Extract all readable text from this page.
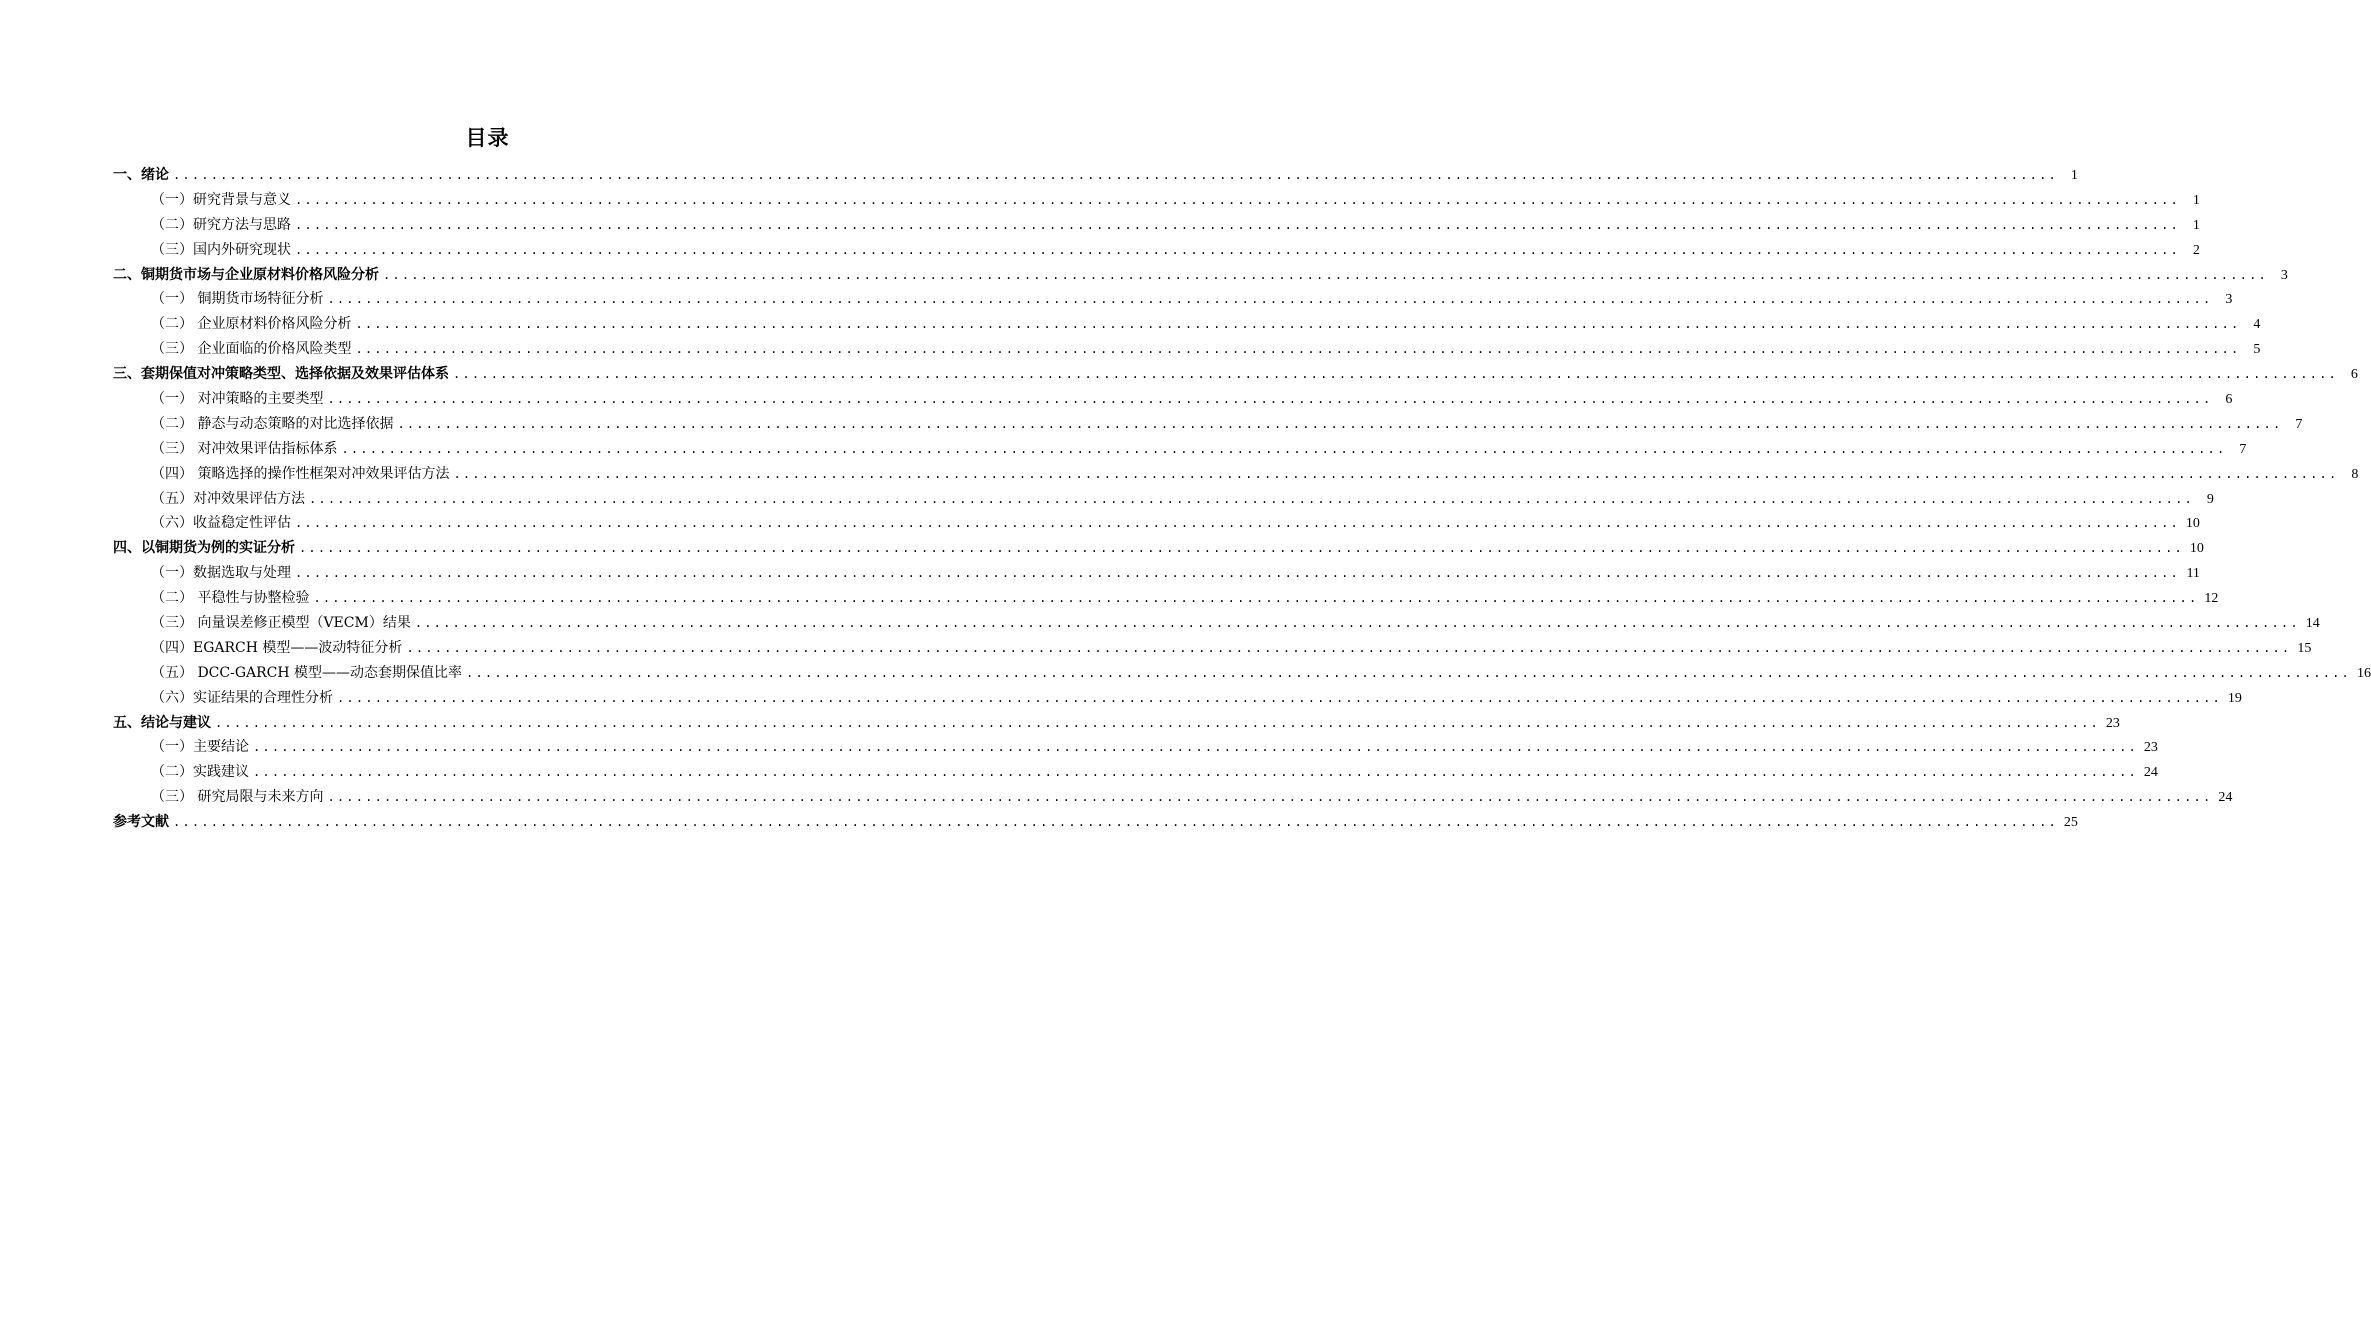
目录
一、绪论 ........................................................................................................................................................................................................ 1
（一）研究背景与意义 ........................................................................................................................................................................................................ 1
（二）研究方法与思路 ........................................................................................................................................................................................................ 1
（三）国内外研究现状 ........................................................................................................................................................................................................ 2
二、铜期货市场与企业原材料价格风险分析 ........................................................................................................................................................................................................ 3
（一） 铜期货市场特征分析 ........................................................................................................................................................................................................ 3
（二） 企业原材料价格风险分析 ........................................................................................................................................................................................................ 4
（三） 企业面临的价格风险类型 ........................................................................................................................................................................................................ 5
三、套期保值对冲策略类型、选择依据及效果评估体系 ........................................................................................................................................................................................................ 6
（一） 对冲策略的主要类型 ........................................................................................................................................................................................................ 6
（二） 静态与动态策略的对比选择依据 ........................................................................................................................................................................................................ 7
（三） 对冲效果评估指标体系 ........................................................................................................................................................................................................ 7
（四） 策略选择的操作性框架对冲效果评估方法 ........................................................................................................................................................................................................ 8
（五）对冲效果评估方法 ........................................................................................................................................................................................................ 9
（六）收益稳定性评估 ........................................................................................................................................................................................................ 10
四、以铜期货为例的实证分析 ........................................................................................................................................................................................................ 10
（一）数据选取与处理 ........................................................................................................................................................................................................ 11
（二） 平稳性与协整检验 ........................................................................................................................................................................................................ 12
（三） 向量误差修正模型（VECM）结果 ........................................................................................................................................................................................................ 14
（四）EGARCH 模型——波动特征分析 ........................................................................................................................................................................................................ 15
（五） DCC-GARCH 模型——动态套期保值比率 ........................................................................................................................................................................................................ 16
（六）实证结果的合理性分析 ........................................................................................................................................................................................................ 19
五、结论与建议 ........................................................................................................................................................................................................ 23
（一）主要结论 ........................................................................................................................................................................................................ 23
（二）实践建议 ........................................................................................................................................................................................................ 24
（三） 研究局限与未来方向 ........................................................................................................................................................................................................ 24
参考文献 ........................................................................................................................................................................................................ 25
